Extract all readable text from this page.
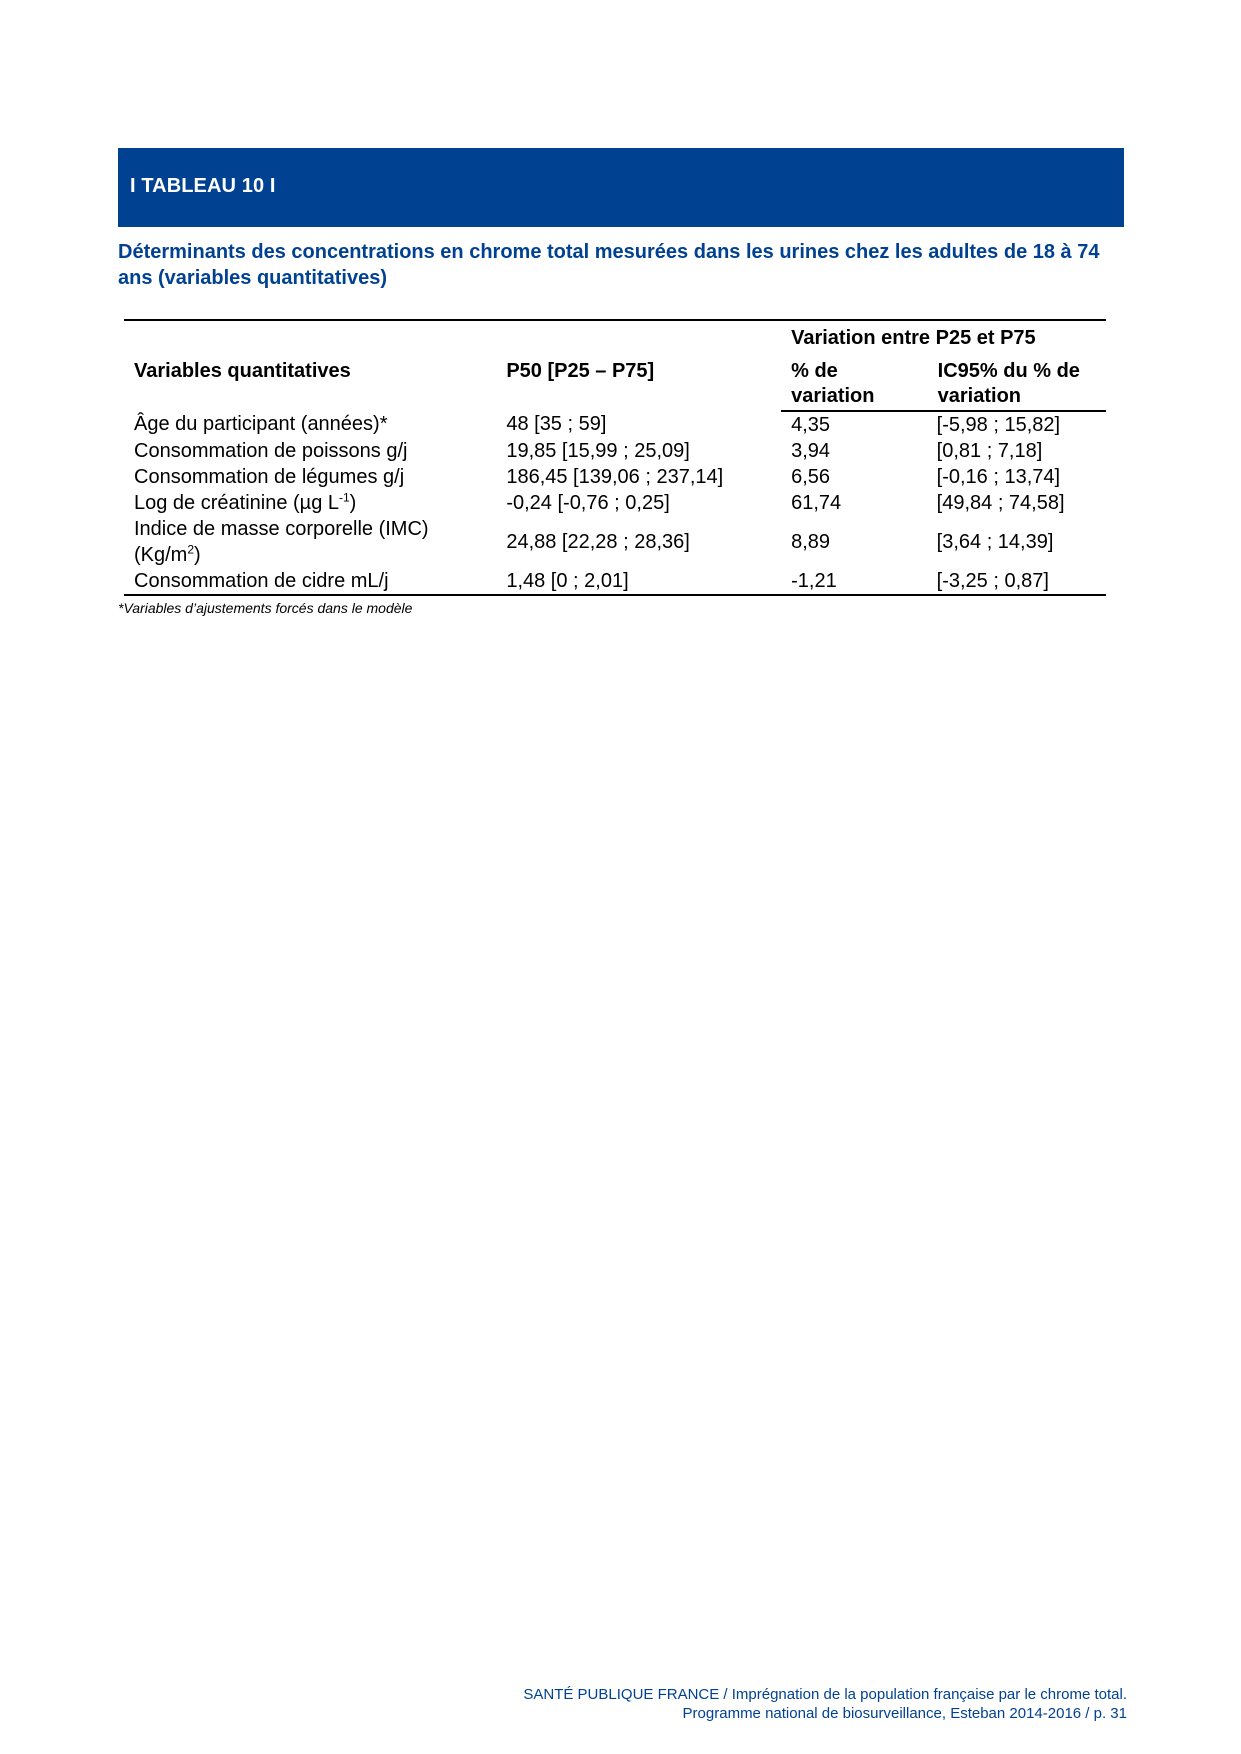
I TABLEAU 10 I
Déterminants des concentrations en chrome total mesurées dans les urines chez les adultes de 18 à 74 ans (variables quantitatives)

Variables quantitatives	P50 [P25 – P75]	Variation entre P25 et P75	
		% de variation	IC95% du % de variation
Âge du participant (années)*	48 [35 ; 59]	4,35	[-5,98 ; 15,82]
Consommation de poissons g/j	19,85 [15,99 ; 25,09]	3,94	[0,81 ; 7,18]
Consommation de légumes g/j	186,45 [139,06 ; 237,14]	6,56	[-0,16 ; 13,74]
Log de créatinine (µg $L^{-1}$)	-0,24 [-0,76 ; 0,25]	61,74	[49,84 ; 74,58]
Indice de masse corporelle (IMC) $(Kg/m^2)$	24,88 [22,28 ; 28,36]	8,89	[3,64 ; 14,39]
Consommation de cidre mL/j	1,48 [0 ; 2,01]	-1,21	[-3,25 ; 0,87]
*Variables d’ajustements forcés dans le modèle
SANTÉ PUBLIQUE FRANCE / Imprégnation de la population française par le chrome total.
Programme national de biosurveillance, Esteban 2014-2016 / p. 31
